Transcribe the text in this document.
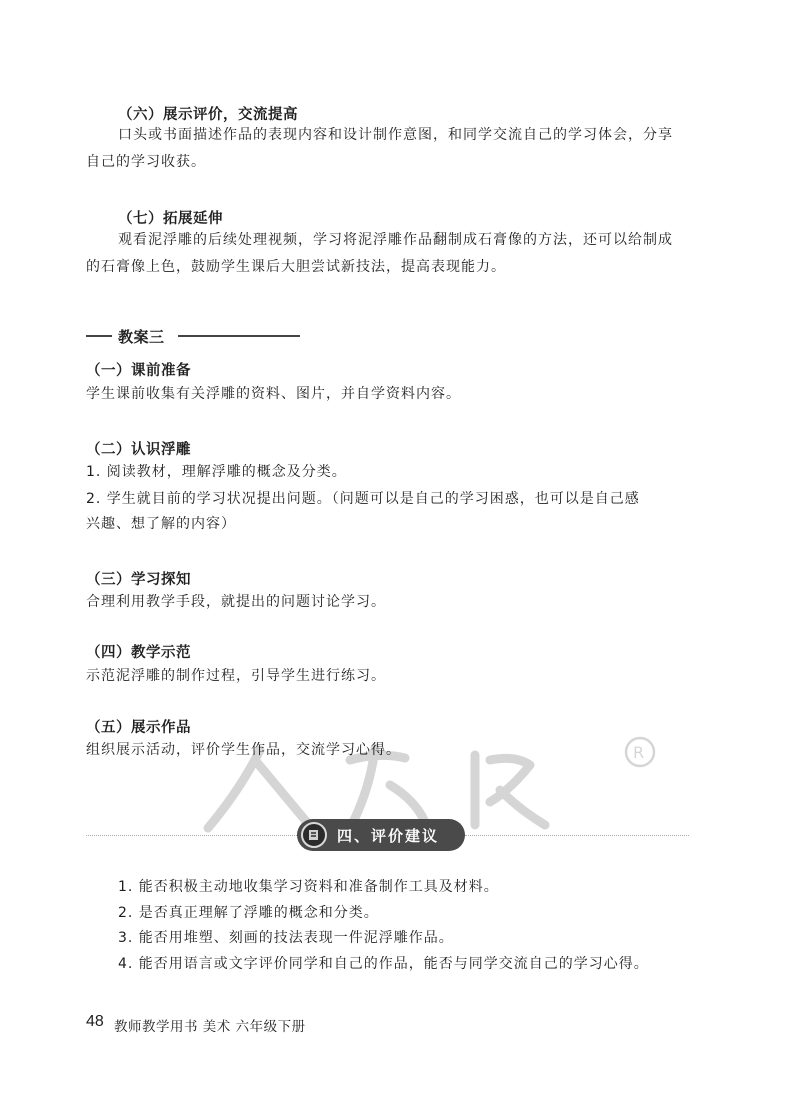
（六）展示评价，交流提高
口头或书面描述作品的表现内容和设计制作意图，和同学交流自己的学习体会，分享
自己的学习收获。
（七）拓展延伸
观看泥浮雕的后续处理视频，学习将泥浮雕作品翻制成石膏像的方法，还可以给制成
的石膏像上色，鼓励学生课后大胆尝试新技法，提高表现能力。
教案三
（一）课前准备
学生课前收集有关浮雕的资料、图片，并自学资料内容。
（二）认识浮雕
1. 阅读教材，理解浮雕的概念及分类。
2. 学生就目前的学习状况提出问题。（问题可以是自己的学习困惑，也可以是自己感
兴趣、想了解的内容）
（三）学习探知
合理利用教学手段，就提出的问题讨论学习。
（四）教学示范
示范泥浮雕的制作过程，引导学生进行练习。
（五）展示作品
组织展示活动，评价学生作品，交流学习心得。	R
四、评价建议
1. 能否积极主动地收集学习资料和准备制作工具及材料。
2. 是否真正理解了浮雕的概念和分类。
3. 能否用堆塑、刻画的技法表现一件泥浮雕作品。
4. 能否用语言或文字评价同学和自己的作品，能否与同学交流自己的学习心得。
48 教师教学用书 美术 六年级下册
